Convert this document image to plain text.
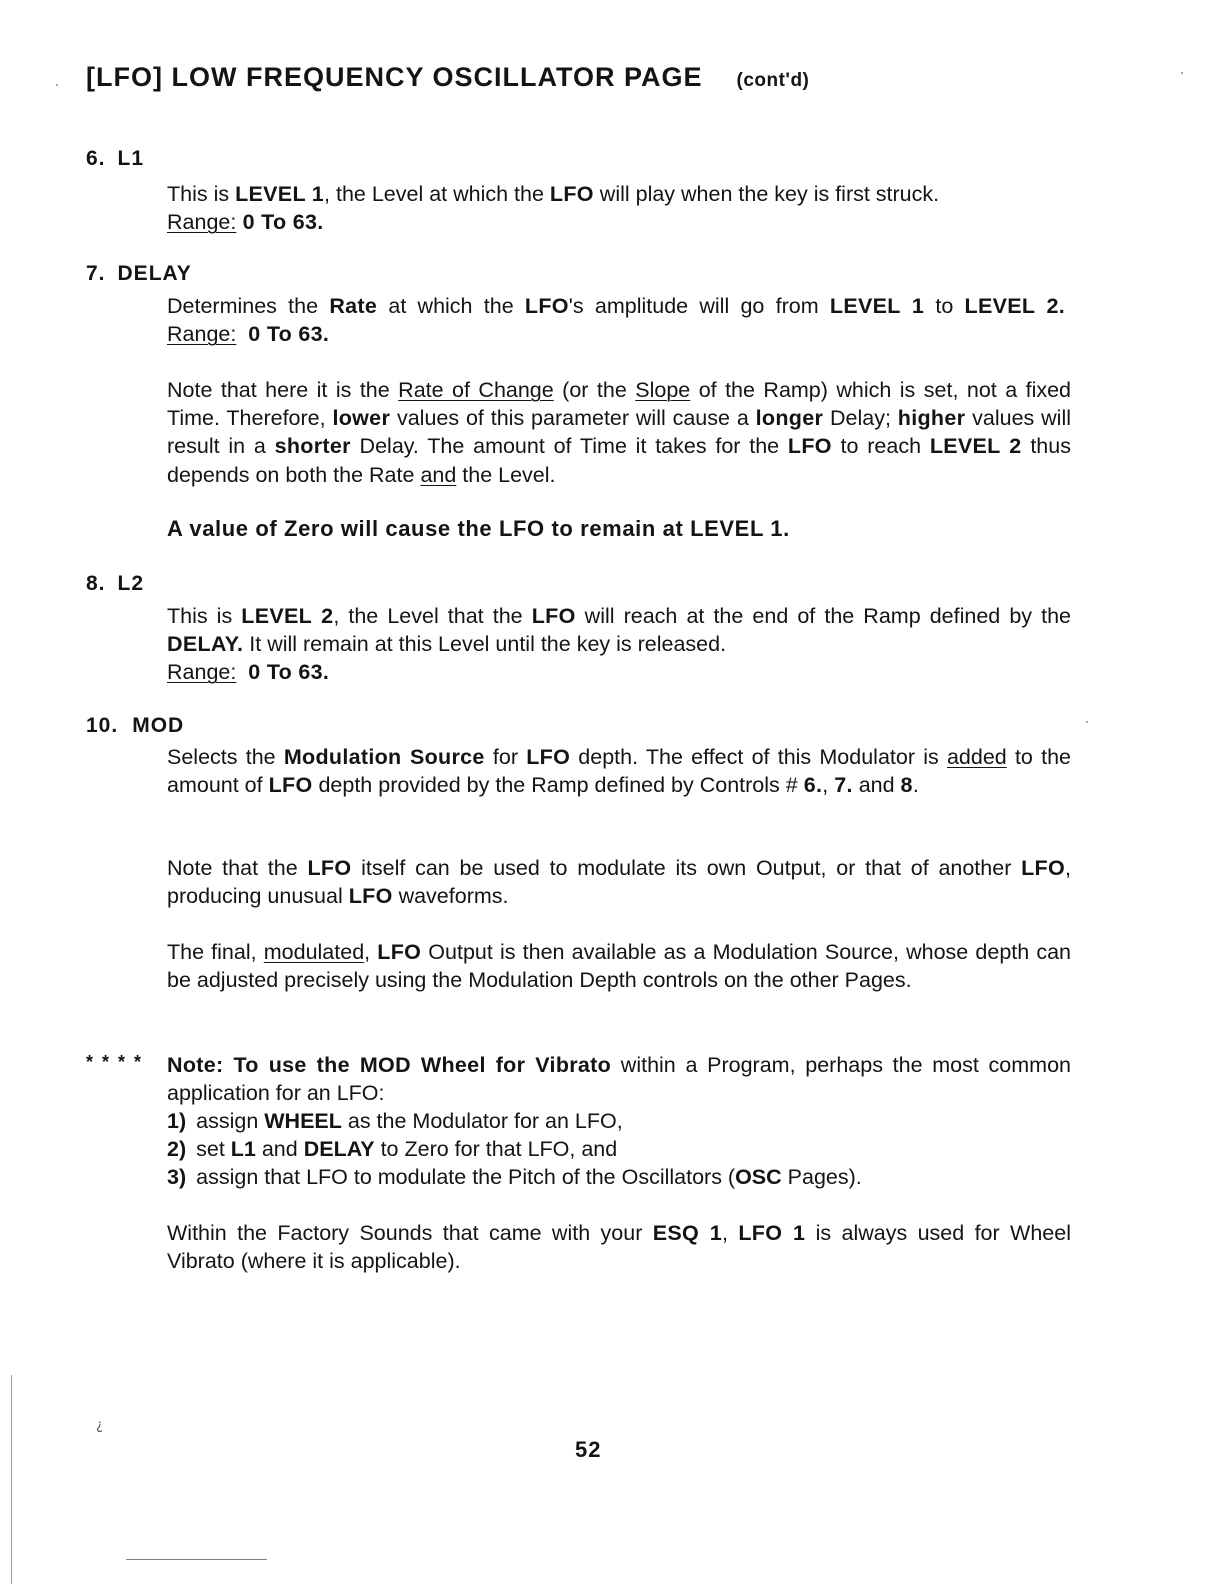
[LFO] LOW FREQUENCY OSCILLATOR PAGE (cont'd)
6. L1

This is LEVEL 1, the Level at which the LFO will play when the key is first struck.
Range: 0 To 63.

7. DELAY

Determines the Rate at which the LFO's amplitude will go from LEVEL 1 to LEVEL 2.  Range: 0 To 63.

Note that here it is the Rate of Change (or the Slope of the Ramp) which is set, not a fixed Time. Therefore, lower values of this parameter will cause a longer Delay; higher values will result in a shorter Delay. The amount of Time it takes for the LFO to reach LEVEL 2 thus depends on both the Rate and the Level.

A value of Zero will cause the LFO to remain at LEVEL 1.

8. L2

This is LEVEL 2, the Level that the LFO will reach at the end of the Ramp defined by the DELAY. It will remain at this Level until the key is released.
Range: 0 To 63.

10. MOD

Selects the Modulation Source for LFO depth. The effect of this Modulator is added to the amount of LFO depth provided by the Ramp defined by Controls # 6., 7. and 8.

Note that the LFO itself can be used to modulate its own Output, or that of another LFO, producing unusual LFO waveforms.

The final, modulated, LFO Output is then available as a Modulation Source, whose depth can be adjusted precisely using the Modulation Depth controls on the other Pages.

* * * * Note: To use the MOD Wheel for Vibrato within a Program, perhaps the most common application for an LFO:

1) assign WHEEL as the Modulator for an LFO,
2) set L1 and DELAY to Zero for that LFO, and
3) assign that LFO to modulate the Pitch of the Oscillators (OSC Pages).

Within the Factory Sounds that came with your ESQ 1, LFO 1 is always used for Wheel Vibrato (where it is applicable).

52

¿
